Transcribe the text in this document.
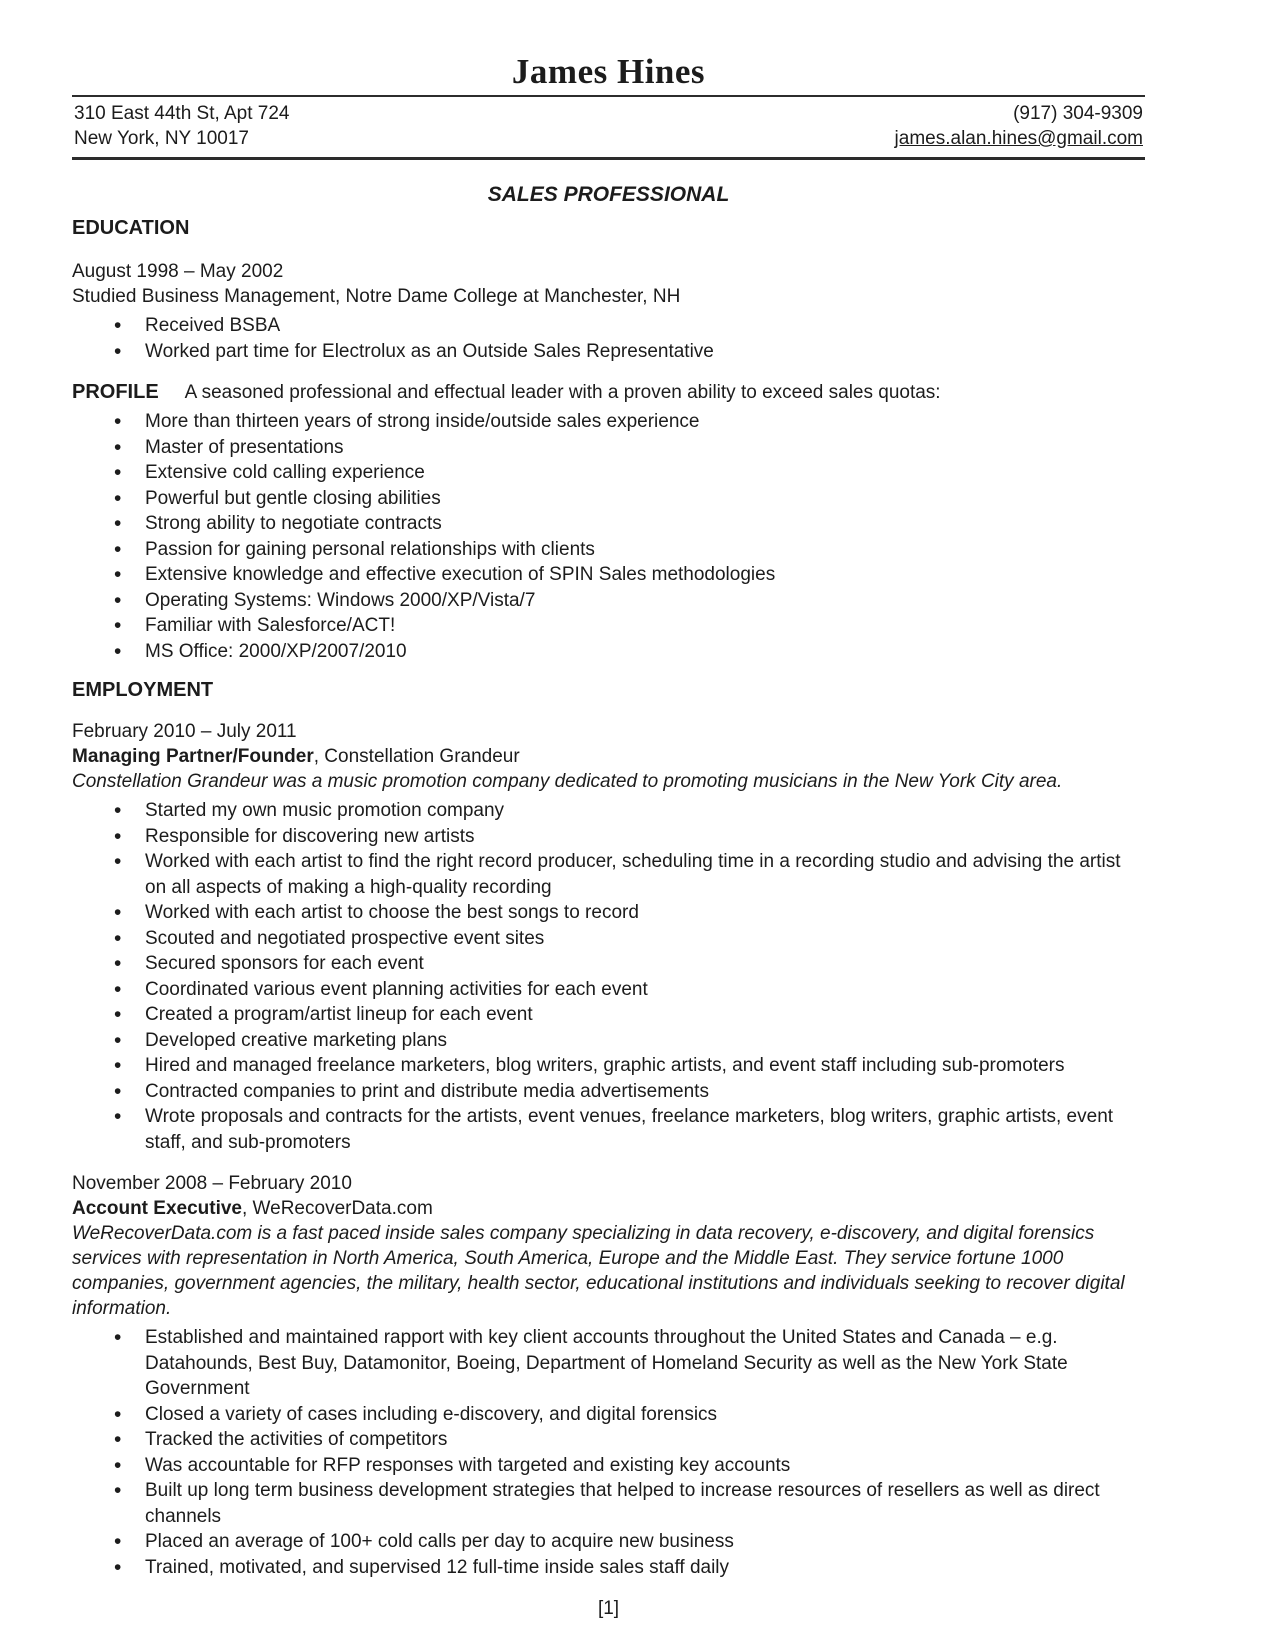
James Hines
310 East 44th St, Apt 724
New York, NY 10017
(917) 304-9309
james.alan.hines@gmail.com
SALES PROFESSIONAL
EDUCATION
August 1998 – May 2002
Studied Business Management, Notre Dame College at Manchester, NH
• Received BSBA
• Worked part time for Electrolux as an Outside Sales Representative
PROFILE A seasoned professional and effectual leader with a proven ability to exceed sales quotas:
• More than thirteen years of strong inside/outside sales experience
• Master of presentations
• Extensive cold calling experience
• Powerful but gentle closing abilities
• Strong ability to negotiate contracts
• Passion for gaining personal relationships with clients
• Extensive knowledge and effective execution of SPIN Sales methodologies
• Operating Systems: Windows 2000/XP/Vista/7
• Familiar with Salesforce/ACT!
• MS Office: 2000/XP/2007/2010
EMPLOYMENT
February 2010 – July 2011
Managing Partner/Founder, Constellation Grandeur
Constellation Grandeur was a music promotion company dedicated to promoting musicians in the New York City area.
• Started my own music promotion company
• Responsible for discovering new artists
• Worked with each artist to find the right record producer, scheduling time in a recording studio and advising the artist on all aspects of making a high-quality recording
• Worked with each artist to choose the best songs to record
• Scouted and negotiated prospective event sites
• Secured sponsors for each event
• Coordinated various event planning activities for each event
• Created a program/artist lineup for each event
• Developed creative marketing plans
• Hired and managed freelance marketers, blog writers, graphic artists, and event staff including sub-promoters
• Contracted companies to print and distribute media advertisements
• Wrote proposals and contracts for the artists, event venues, freelance marketers, blog writers, graphic artists, event staff, and sub-promoters
November 2008 – February 2010
Account Executive, WeRecoverData.com
WeRecoverData.com is a fast paced inside sales company specializing in data recovery, e-discovery, and digital forensics services with representation in North America, South America, Europe and the Middle East. They service fortune 1000 companies, government agencies, the military, health sector, educational institutions and individuals seeking to recover digital information.
• Established and maintained rapport with key client accounts throughout the United States and Canada – e.g. Datahounds, Best Buy, Datamonitor, Boeing, Department of Homeland Security as well as the New York State Government
• Closed a variety of cases including e-discovery, and digital forensics
• Tracked the activities of competitors
• Was accountable for RFP responses with targeted and existing key accounts
• Built up long term business development strategies that helped to increase resources of resellers as well as direct channels
• Placed an average of 100+ cold calls per day to acquire new business
• Trained, motivated, and supervised 12 full-time inside sales staff daily
[1]
